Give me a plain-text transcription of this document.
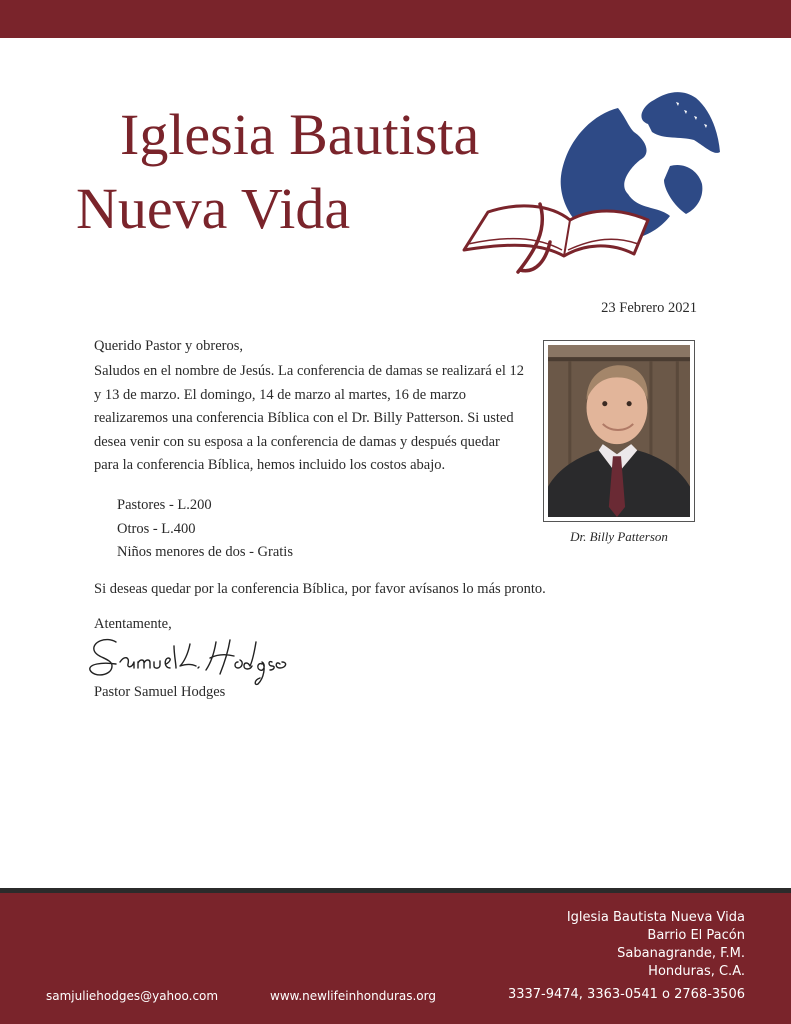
Iglesia Bautista
Nueva Vida
23 Febrero 2021
Querido Pastor y obreros,
Saludos en el nombre de Jesús. La conferencia de damas se realizará el 12 y 13 de marzo. El domingo, 14 de marzo al martes, 16 de marzo realizaremos una conferencia Bíblica con el Dr. Billy Patterson. Si usted desea venir con su esposa a la conferencia de damas y después quedar para la conferencia Bíblica, hemos incluido los costos abajo.
Pastores - L.200
Otros - L.400
Niños menores de dos - Gratis
Si deseas quedar por la conferencia Bíblica, por favor avísanos lo más pronto.
Atentamente,
Pastor Samuel Hodges
Dr. Billy Patterson
Iglesia Bautista Nueva Vida
Barrio El Pacón
Sabanagrande, F.M.
Honduras, C.A.
samjuliehodges@yahoo.com	www.newlifeinhonduras.org	3337-9474, 3363-0541 o 2768-3506
